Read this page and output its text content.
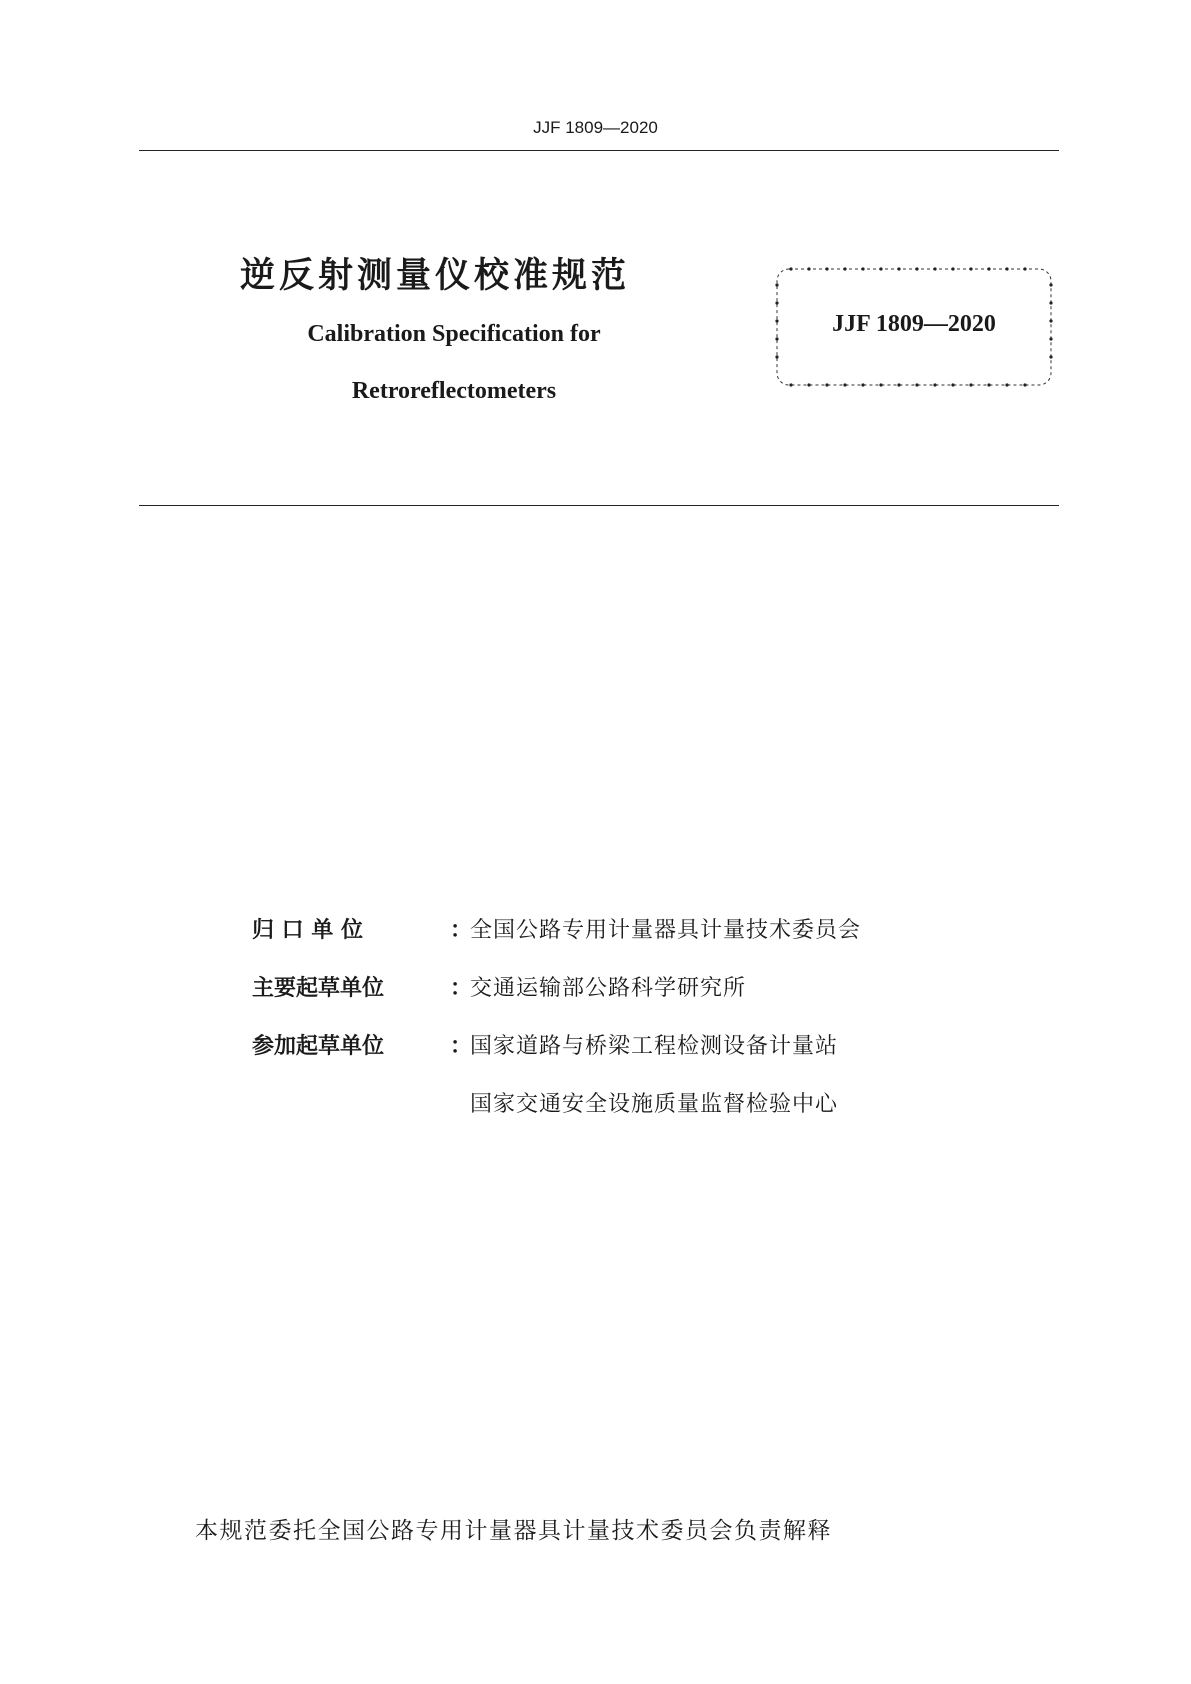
JJF 1809—2020
逆反射测量仪校准规范
Calibration Specification for
Retroreflectometers
JJF 1809—2020
归 口 单 位	：
全国公路专用计量器具计量技术委员会
主要起草单位	：
交通运输部公路科学研究所
参加起草单位	：
国家道路与桥梁工程检测设备计量站
国家交通安全设施质量监督检验中心
本规范委托全国公路专用计量器具计量技术委员会负责解释
